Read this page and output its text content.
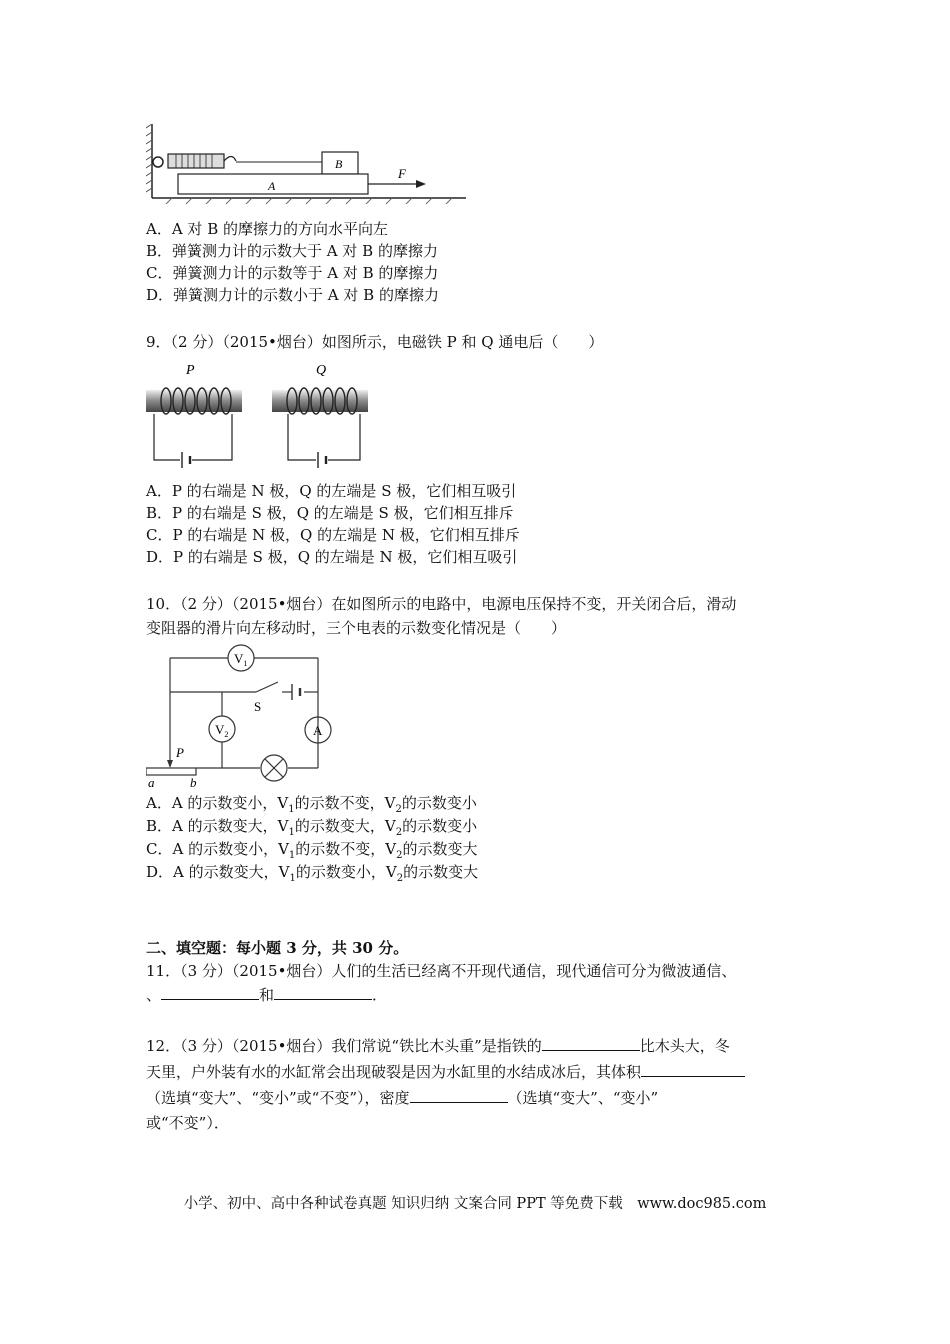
B
A
F
A．A 对 B 的摩擦力的方向水平向左
B．弹簧测力计的示数大于 A 对 B 的摩擦力
C．弹簧测力计的示数等于 A 对 B 的摩擦力
D．弹簧测力计的示数小于 A 对 B 的摩擦力
9．（2 分）（2015•烟台）如图所示，电磁铁 P 和 Q 通电后（　　）
P	Q
A．P 的右端是 N 极，Q 的左端是 S 极，它们相互吸引
B．P 的右端是 S 极，Q 的左端是 S 极，它们相互排斥
C．P 的右端是 N 极，Q 的左端是 N 极，它们相互排斥
D．P 的右端是 S 极，Q 的左端是 N 极，它们相互吸引
10．（2 分）（2015•烟台）在如图所示的电路中，电源电压保持不变，开关闭合后，滑动
变阻器的滑片向左移动时，三个电表的示数变化情况是（　　）
$V_1$
$V_2$	A
S
P
a	b
A．A 的示数变小，$V_1$的示数不变，$V_2$的示数变小
B．A 的示数变大，$V_1$的示数变大，$V_2$的示数变小
C．A 的示数变小，$V_1$的示数不变，$V_2$的示数变大
D．A 的示数变大，$V_1$的示数变小，$V_2$的示数变大
二、填空题：每小题 3 分，共 30 分。
11．（3 分）（2015•烟台）人们的生活已经离不开现代通信，现代通信可分为微波通信、
、	和	．
12．（3 分）（2015•烟台）我们常说“铁比木头重”是指铁的	比木头大，冬
天里，户外装有水的水缸常会出现破裂是因为水缸里的水结成冰后，其体积
（选填“变大”、“变小”或“不变”），密度	（选填“变大”、“变小”
或“不变”）．
小学、初中、高中各种试卷真题 知识归纳 文案合同 PPT 等免费下载　www.doc985.com
